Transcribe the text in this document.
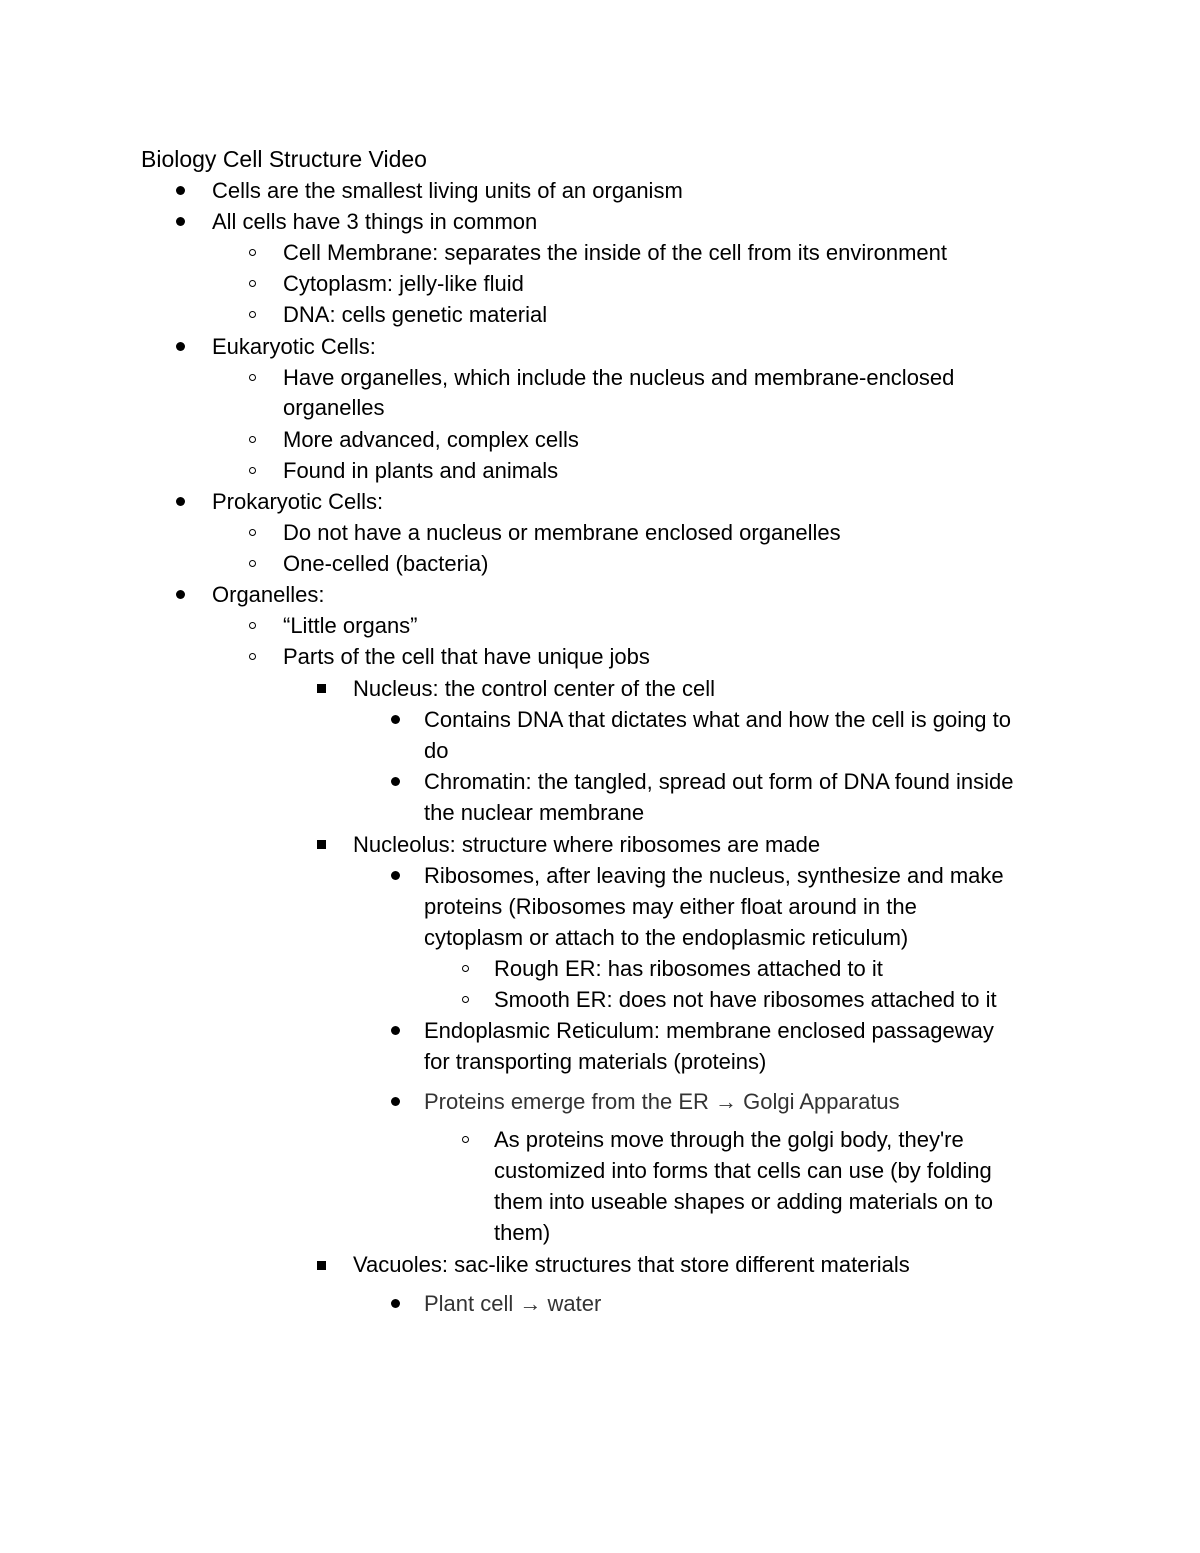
Biology Cell Structure Video
Cells are the smallest living units of an organism
All cells have 3 things in common
Cell Membrane: separates the inside of the cell from its environment
Cytoplasm: jelly-like fluid
DNA: cells genetic material
Eukaryotic Cells:
Have organelles, which include the nucleus and membrane-enclosed
organelles
More advanced, complex cells
Found in plants and animals
Prokaryotic Cells:
Do not have a nucleus or membrane enclosed organelles
One-celled (bacteria)
Organelles:
“Little organs”
Parts of the cell that have unique jobs
Nucleus: the control center of the cell
Contains DNA that dictates what and how the cell is going to
do
Chromatin: the tangled, spread out form of DNA found inside
the nuclear membrane
Nucleolus: structure where ribosomes are made
Ribosomes, after leaving the nucleus, synthesize and make
proteins (Ribosomes may either float around in the
cytoplasm or attach to the endoplasmic reticulum)
Rough ER: has ribosomes attached to it
Smooth ER: does not have ribosomes attached to it
Endoplasmic Reticulum: membrane enclosed passageway
for transporting materials (proteins)
Proteins emerge from the ER → Golgi Apparatus
As proteins move through the golgi body, they're
customized into forms that cells can use (by folding
them into useable shapes or adding materials on to
them)
Vacuoles: sac-like structures that store different materials
Plant cell → water
